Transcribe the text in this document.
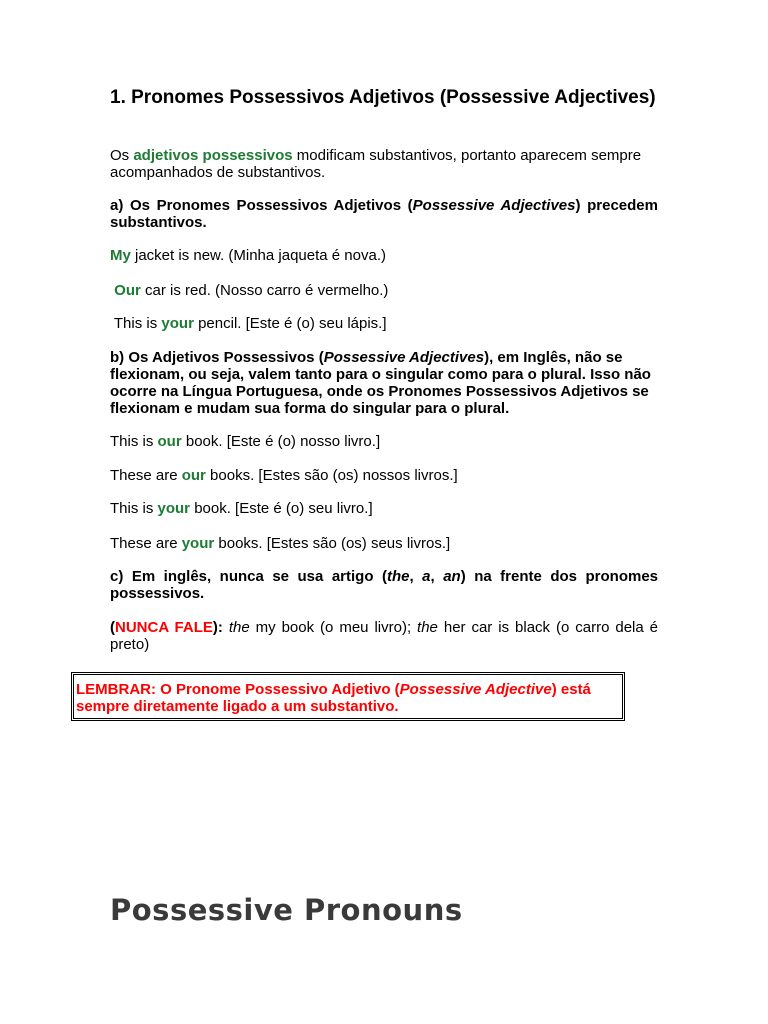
1. Pronomes Possessivos Adjetivos (Possessive Adjectives)

Os adjetivos possessivos modificam substantivos, portanto aparecem sempre acompanhados de substantivos.

a) Os Pronomes Possessivos Adjetivos (Possessive Adjectives) precedem substantivos.

My jacket is new. (Minha jaqueta é nova.)

Our car is red. (Nosso carro é vermelho.)

This is your pencil. [Este é (o) seu lápis.]

b) Os Adjetivos Possessivos (Possessive Adjectives), em Inglês, não se flexionam, ou seja, valem tanto para o singular como para o plural. Isso não ocorre na Língua Portuguesa, onde os Pronomes Possessivos Adjetivos se flexionam e mudam sua forma do singular para o plural.

This is our book. [Este é (o) nosso livro.]

These are our books. [Estes são (os) nossos livros.]

This is your book. [Este é (o) seu livro.]

These are your books. [Estes são (os) seus livros.]

c) Em inglês, nunca se usa artigo (the, a, an) na frente dos pronomes possessivos.

(NUNCA FALE): the my book (o meu livro); the her car is black (o carro dela é preto)

LEMBRAR: O Pronome Possessivo Adjetivo (Possessive Adjective) está sempre diretamente ligado a um substantivo.
Possessive Pronouns
